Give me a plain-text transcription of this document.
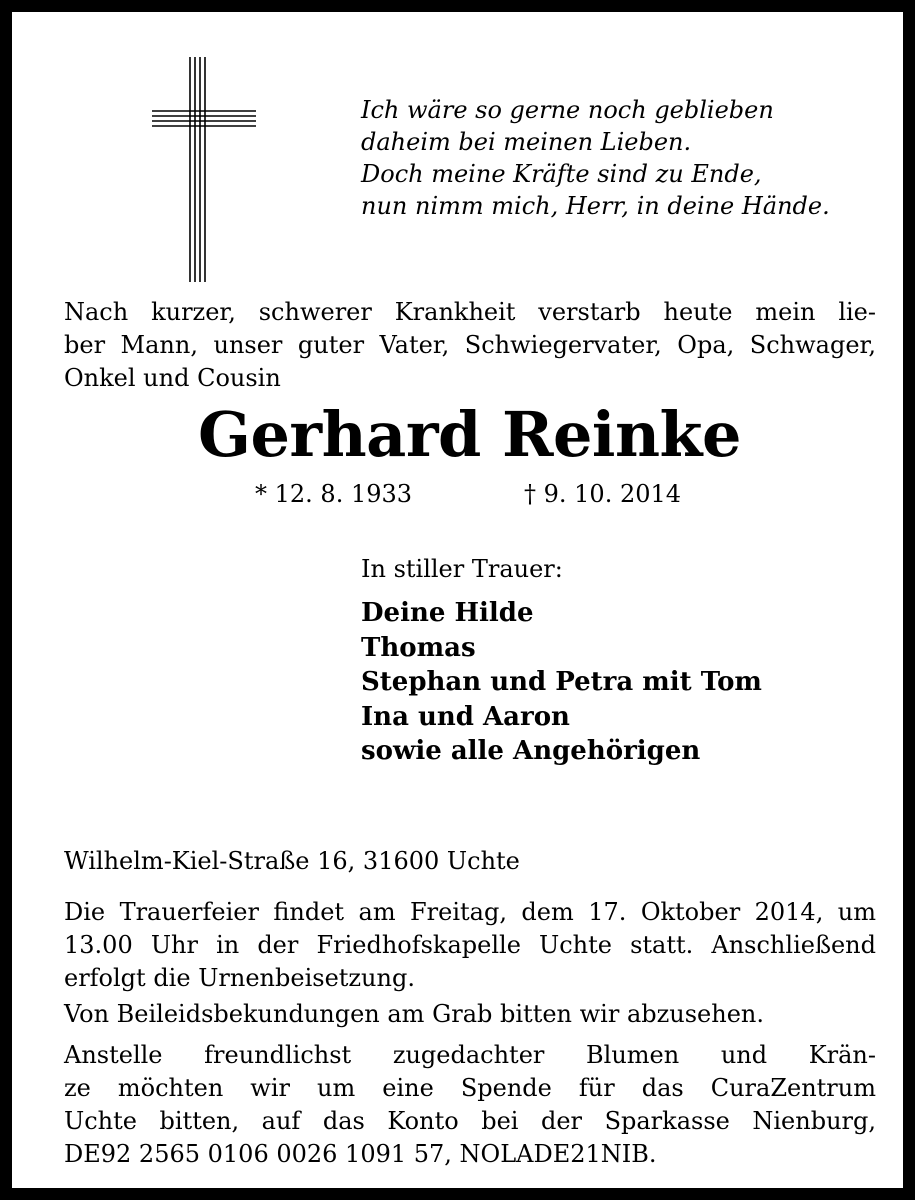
Ich wäre so gerne noch geblieben
daheim bei meinen Lieben.
Doch meine Kräfte sind zu Ende,
nun nimm mich, Herr, in deine Hände.
Nach kurzer, schwerer Krankheit verstarb heute mein lie-
ber Mann, unser guter Vater, Schwiegervater, Opa, Schwager,
Onkel und Cousin
Gerhard Reinke
* 12. 8. 1933	† 9. 10. 2014
In stiller Trauer:
Deine Hilde
Thomas
Stephan und Petra mit Tom
Ina und Aaron
sowie alle Angehörigen
Wilhelm-Kiel-Straße 16, 31600 Uchte
Die Trauerfeier findet am Freitag, dem 17. Oktober 2014, um
13.00 Uhr in der Friedhofskapelle Uchte statt. Anschließend
erfolgt die Urnenbeisetzung.
Von Beileidsbekundungen am Grab bitten wir abzusehen.
Anstelle freundlichst zugedachter Blumen und Krän-
ze möchten wir um eine Spende für das CuraZentrum
Uchte bitten, auf das Konto bei der Sparkasse Nienburg,
DE92 2565 0106 0026 1091 57, NOLADE21NIB.
